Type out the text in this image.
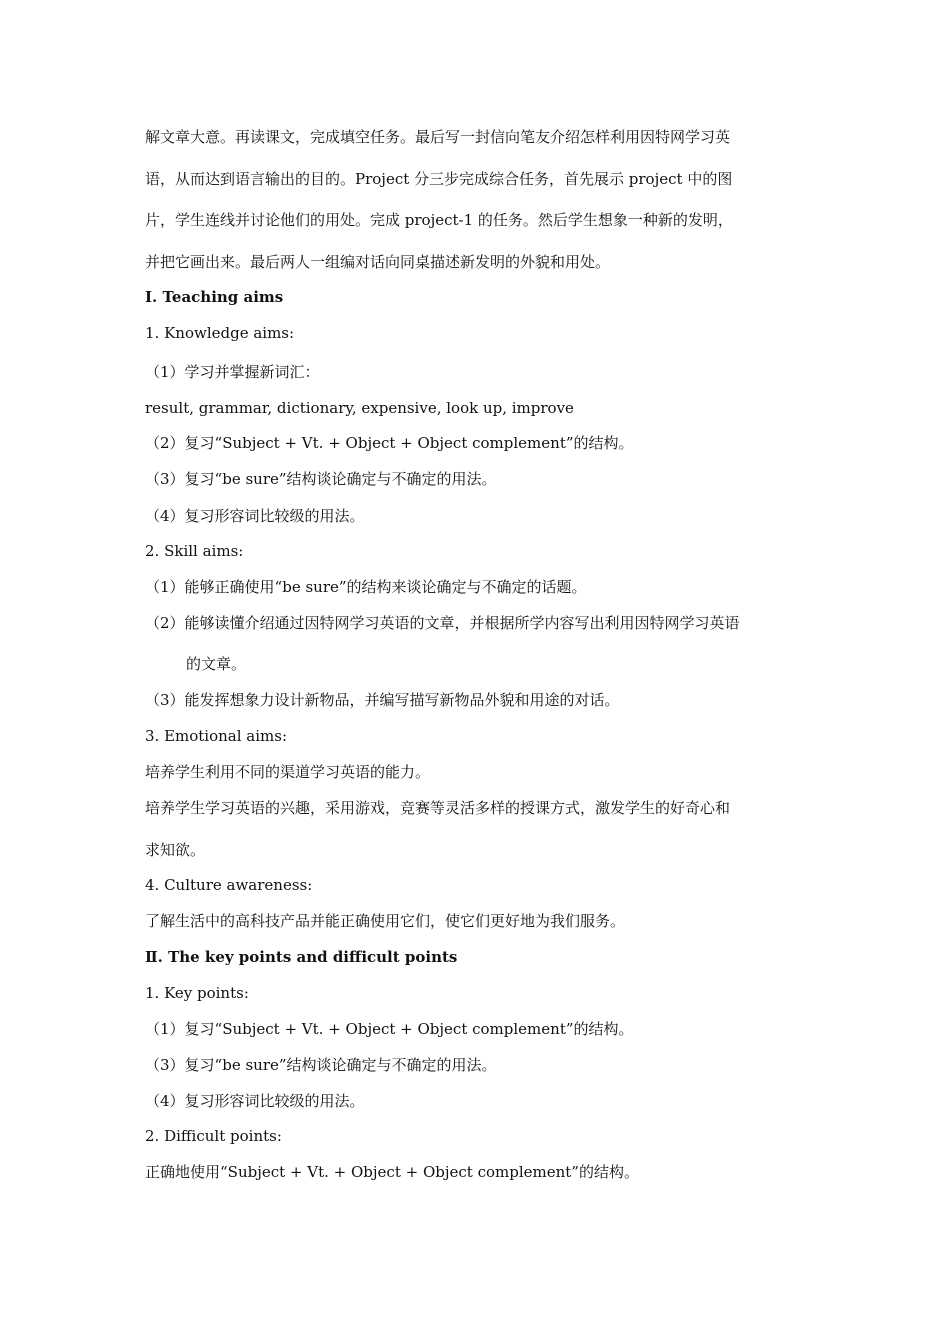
解文章大意。再读课文，完成填空任务。最后写一封信向笔友介绍怎样利用因特网学习英
语，从而达到语言输出的目的。Project 分三步完成综合任务，首先展示 project 中的图
片，学生连线并讨论他们的用处。完成 project-1 的任务。然后学生想象一种新的发明，
并把它画出来。最后两人一组编对话向同桌描述新发明的外貌和用处。
Ⅰ. Teaching aims
1. Knowledge aims:
（1）学习并掌握新词汇：
result, grammar, dictionary, expensive, look up, improve
（2）复习“Subject + Vt. + Object + Object complement”的结构。
（3）复习“be sure”结构谈论确定与不确定的用法。
（4）复习形容词比较级的用法。
2. Skill aims:
（1）能够正确使用“be sure”的结构来谈论确定与不确定的话题。
（2）能够读懂介绍通过因特网学习英语的文章，并根据所学内容写出利用因特网学习英语
的文章。
（3）能发挥想象力设计新物品，并编写描写新物品外貌和用途的对话。
3. Emotional aims:
培养学生利用不同的渠道学习英语的能力。
培养学生学习英语的兴趣，采用游戏，竞赛等灵活多样的授课方式，激发学生的好奇心和
求知欲。
4. Culture awareness:
了解生活中的高科技产品并能正确使用它们，使它们更好地为我们服务。
Ⅱ. The key points and difficult points
1. Key points:
（1）复习“Subject + Vt. + Object + Object complement”的结构。
（3）复习“be sure”结构谈论确定与不确定的用法。
（4）复习形容词比较级的用法。
2. Difficult points:
正确地使用“Subject + Vt. + Object + Object complement”的结构。
